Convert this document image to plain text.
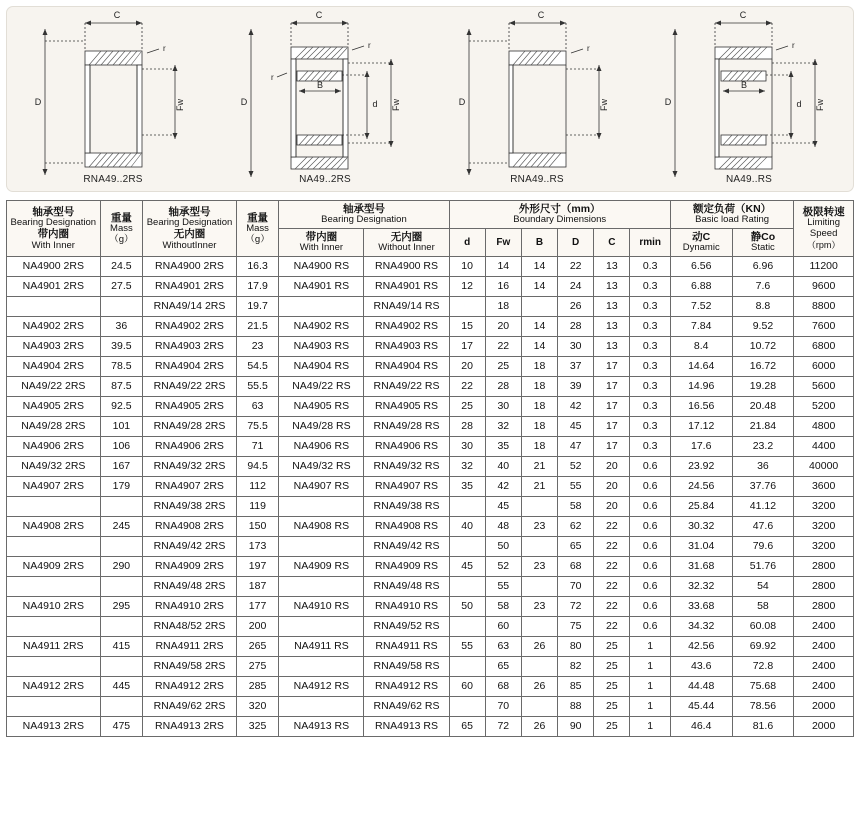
C
D	Fw
r
RNA49..2RS
C
B
D	d Fw
r
r
NA49..2RS
C
D	Fw
r
RNA49..RS
C
B
D	d Fw
r
NA49..RS
轴承型号
Bearing Designation
带内圈
With Inner	重量
Mass
（g）	轴承型号
Bearing Designation
无内圈
WithoutInner	重量
Mass
（g）	轴承型号
Bearing Designation		外形尺寸（mm）
Boundary Dimensions						额定负荷（KN）
Basic load Rating		极限转速
Limiting Speed
（rpm）

				带内圈
With Inner	无内圈
Without Inner	d	Fw	B	D	C	rmin	动C
Dynamic	静Co
Static	

NA4900 2RS	24.5	RNA4900 2RS	16.3	NA4900 RS	RNA4900 RS	10	14	14	22	13	0.3	6.56	6.96	11200
NA4901 2RS	27.5	RNA4901 2RS	17.9	NA4901 RS	RNA4901 RS	12	16	14	24	13	0.3	6.88	7.6	9600
		RNA49/14 2RS	19.7		RNA49/14 RS		18		26	13	0.3	7.52	8.8	8800
NA4902 2RS	36	RNA4902 2RS	21.5	NA4902 RS	RNA4902 RS	15	20	14	28	13	0.3	7.84	9.52	7600
NA4903 2RS	39.5	RNA4903 2RS	23	NA4903 RS	RNA4903 RS	17	22	14	30	13	0.3	8.4	10.72	6800
NA4904 2RS	78.5	RNA4904 2RS	54.5	NA4904 RS	RNA4904 RS	20	25	18	37	17	0.3	14.64	16.72	6000
NA49/22 2RS	87.5	RNA49/22 2RS	55.5	NA49/22 RS	RNA49/22 RS	22	28	18	39	17	0.3	14.96	19.28	5600
NA4905 2RS	92.5	RNA4905 2RS	63	NA4905 RS	RNA4905 RS	25	30	18	42	17	0.3	16.56	20.48	5200
NA49/28 2RS	101	RNA49/28 2RS	75.5	NA49/28 RS	RNA49/28 RS	28	32	18	45	17	0.3	17.12	21.84	4800
NA4906 2RS	106	RNA4906 2RS	71	NA4906 RS	RNA4906 RS	30	35	18	47	17	0.3	17.6	23.2	4400
NA49/32 2RS	167	RNA49/32 2RS	94.5	NA49/32 RS	RNA49/32 RS	32	40	21	52	20	0.6	23.92	36	40000
NA4907 2RS	179	RNA4907 2RS	112	NA4907 RS	RNA4907 RS	35	42	21	55	20	0.6	24.56	37.76	3600
		RNA49/38 2RS	119		RNA49/38 RS		45		58	20	0.6	25.84	41.12	3200
NA4908 2RS	245	RNA4908 2RS	150	NA4908 RS	RNA4908 RS	40	48	23	62	22	0.6	30.32	47.6	3200
		RNA49/42 2RS	173		RNA49/42 RS		50		65	22	0.6	31.04	79.6	3200
NA4909 2RS	290	RNA4909 2RS	197	NA4909 RS	RNA4909 RS	45	52	23	68	22	0.6	31.68	51.76	2800
		RNA49/48 2RS	187		RNA49/48 RS		55		70	22	0.6	32.32	54	2800
NA4910 2RS	295	RNA4910 2RS	177	NA4910 RS	RNA4910 RS	50	58	23	72	22	0.6	33.68	58	2800
		RNA48/52 2RS	200		RNA49/52 RS		60		75	22	0.6	34.32	60.08	2400
NA4911 2RS	415	RNA4911 2RS	265	NA4911 RS	RNA4911 RS	55	63	26	80	25	1	42.56	69.92	2400
		RNA49/58 2RS	275		RNA49/58 RS		65		82	25	1	43.6	72.8	2400
NA4912 2RS	445	RNA4912 2RS	285	NA4912 RS	RNA4912 RS	60	68	26	85	25	1	44.48	75.68	2400
		RNA49/62 2RS	320		RNA49/62 RS		70		88	25	1	45.44	78.56	2000
NA4913 2RS	475	RNA4913 2RS	325	NA4913 RS	RNA4913 RS	65	72	26	90	25	1	46.4	81.6	2000
